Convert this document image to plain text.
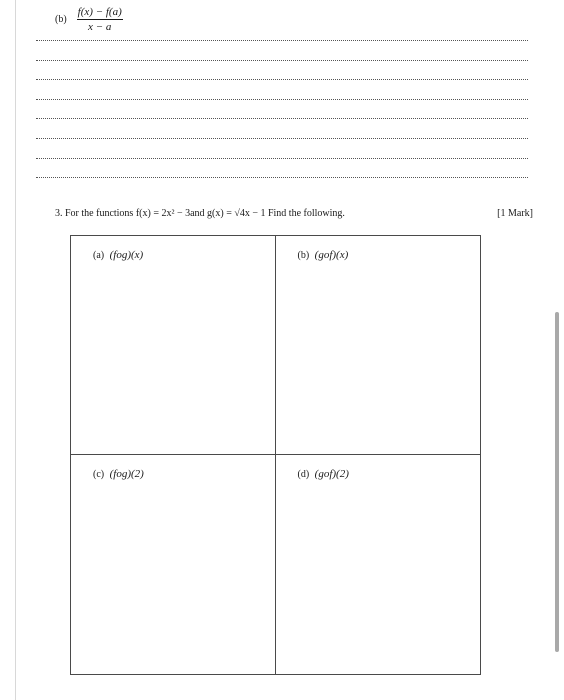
$(b) \frac{f(x) - f(a)}{x - a}$
3. For the functions f(x) = 2x² − 3and g(x) = √4x − 1 Find the following.	[1 Mark]
(a) (fog)(x)	(b) (gof)(x)
(c) (fog)(2)	(d) (gof)(2)
